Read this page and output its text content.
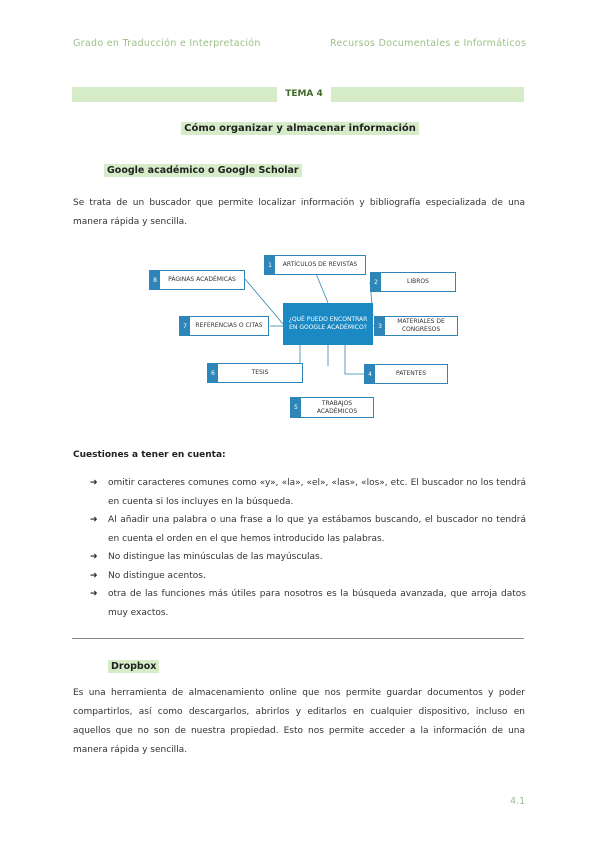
Grado en Traducción e Interpretación	Recursos Documentales e Informáticos
TEMA 4
Cómo organizar y almacenar información
Google académico o Google Scholar

Se trata de un buscador que permite localizar información y bibliografía especializada de una manera rápida y sencilla.

¿QUÉ PUEDO ENCONTRAR EN GOOGLE ACADÉMICO?
1	ARTÍCULOS DE REVISTAS
2	LIBROS
3
MATERIALES DE CONGRESOS
4	PATENTES
5
TRABAJOS ACADÉMICOS
6	TESIS
7	REFERENCIAS O CITAS
8	PÁGINAS ACADÉMICAS
Cuestiones a tener en cuenta:
➔ omitir caracteres comunes como «y», «la», «el», «las», «los», etc. El buscador no los tendrá en cuenta si los incluyes en la búsqueda.
➔ Al añadir una palabra o una frase a lo que ya estábamos buscando, el buscador no tendrá en cuenta el orden en el que hemos introducido las palabras.
➔ No distingue las minúsculas de las mayúsculas.
➔ No distingue acentos.
➔ otra de las funciones más útiles para nosotros es la búsqueda avanzada, que arroja datos muy exactos.
Dropbox

Es una herramienta de almacenamiento online que nos permite guardar documentos y poder compartirlos, así como descargarlos, abrirlos y editarlos en cualquier dispositivo, incluso en aquellos que no son de nuestra propiedad. Esto nos permite acceder a la información de una manera rápida y sencilla.

4.1
